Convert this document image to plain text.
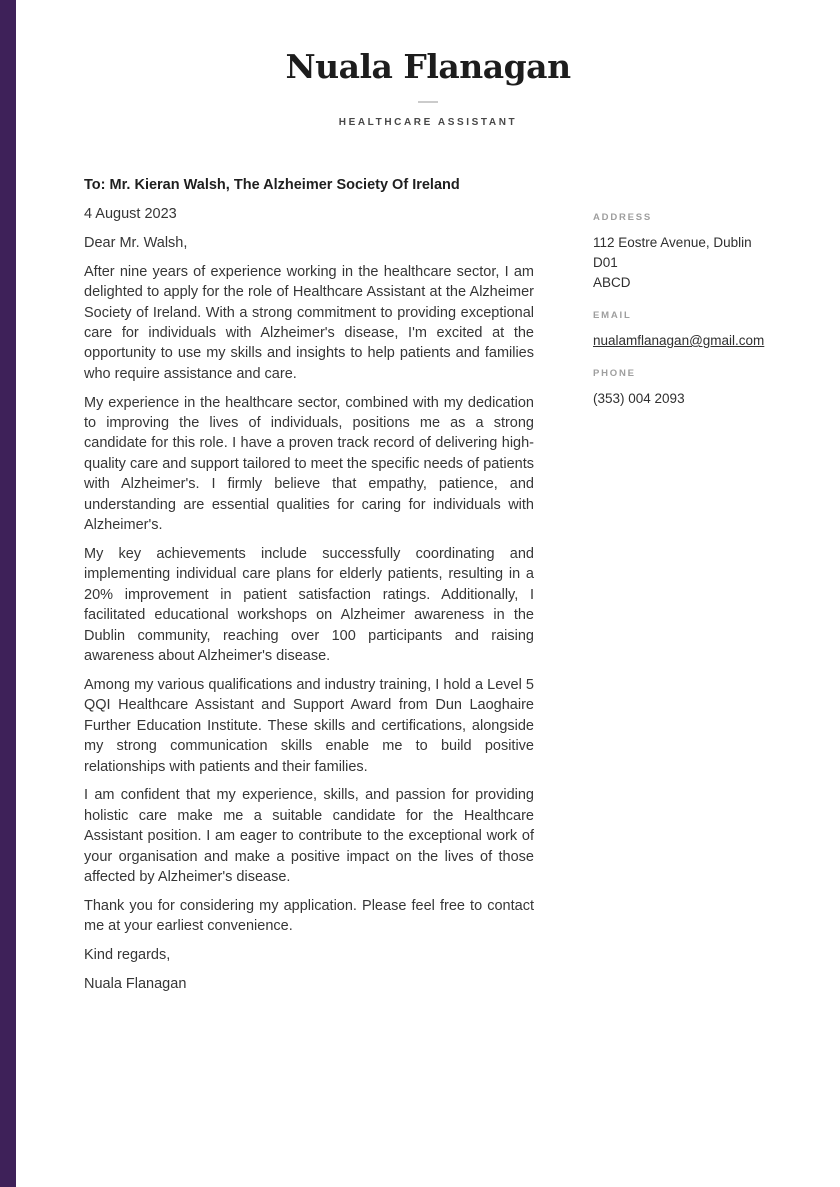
Nuala Flanagan
HEALTHCARE ASSISTANT

To: Mr. Kieran Walsh, The Alzheimer Society Of Ireland

4 August 2023

Dear Mr. Walsh,

After nine years of experience working in the healthcare sector, I am delighted to apply for the role of Healthcare Assistant at the Alzheimer Society of Ireland. With a strong commitment to providing exceptional care for individuals with Alzheimer's disease, I'm excited at the opportunity to use my skills and insights to help patients and families who require assistance and care.

My experience in the healthcare sector, combined with my dedication to improving the lives of individuals, positions me as a strong candidate for this role. I have a proven track record of delivering high-quality care and support tailored to meet the specific needs of patients with Alzheimer's. I firmly believe that empathy, patience, and understanding are essential qualities for caring for individuals with Alzheimer's.

My key achievements include successfully coordinating and implementing individual care plans for elderly patients, resulting in a 20% improvement in patient satisfaction ratings. Additionally, I facilitated educational workshops on Alzheimer awareness in the Dublin community, reaching over 100 participants and raising awareness about Alzheimer's disease.

Among my various qualifications and industry training, I hold a Level 5 QQI Healthcare Assistant and Support Award from Dun Laoghaire Further Education Institute. These skills and certifications, alongside my strong communication skills enable me to build positive relationships with patients and their families.

I am confident that my experience, skills, and passion for providing holistic care make me a suitable candidate for the Healthcare Assistant position. I am eager to contribute to the exceptional work of your organisation and make a positive impact on the lives of those affected by Alzheimer's disease.

Thank you for considering my application. Please feel free to contact me at your earliest convenience.

Kind regards,

Nuala Flanagan

ADDRESS
112 Eostre Avenue, Dublin D01
ABCD
EMAIL
nualamflanagan@gmail.com
PHONE
(353) 004 2093
